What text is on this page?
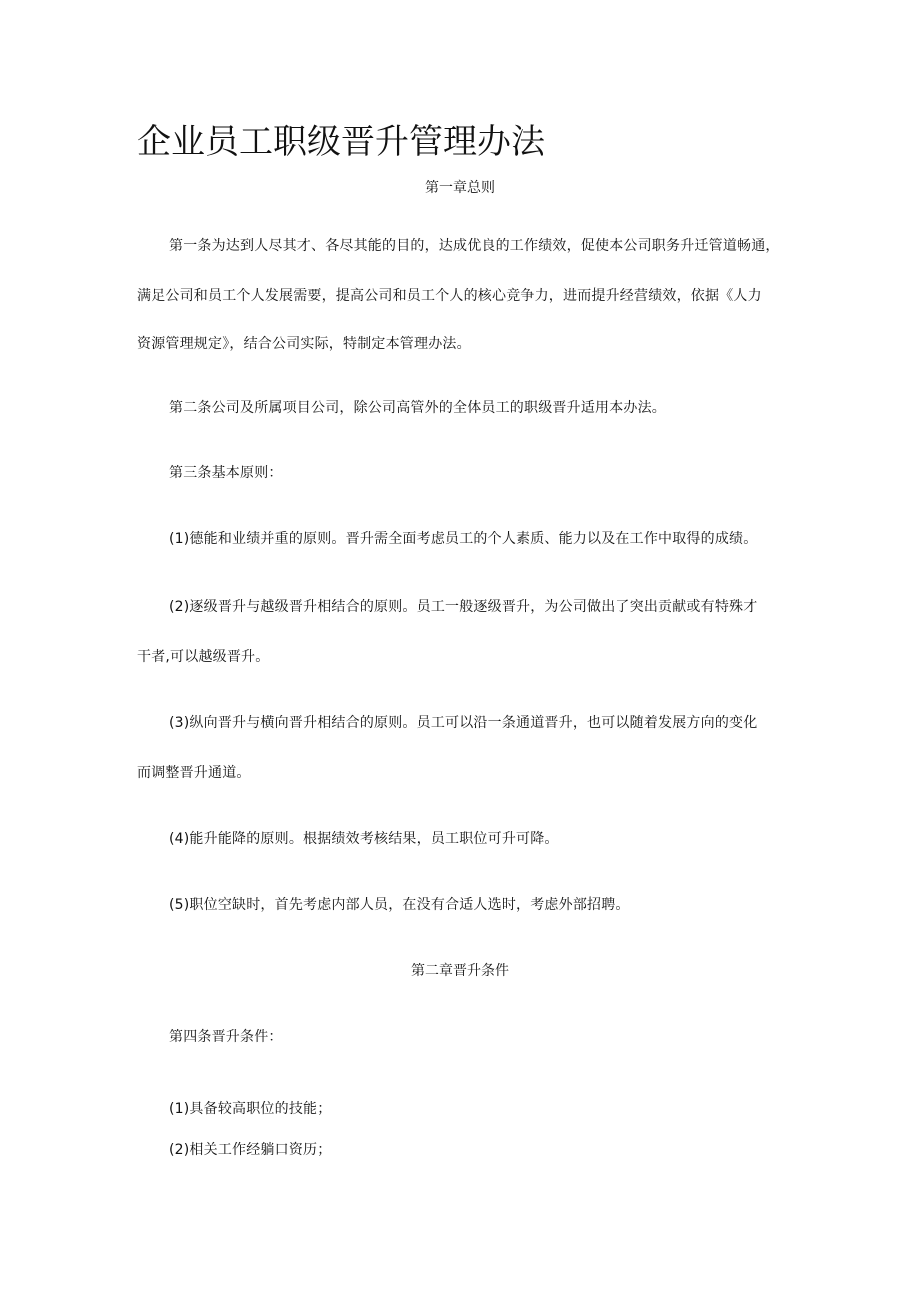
企业员工职级晋升管理办法
第一章总则
第一条为达到人尽其才、各尽其能的目的，达成优良的工作绩效，促使本公司职务升迁管道畅通，
满足公司和员工个人发展需要，提高公司和员工个人的核心竞争力，进而提升经营绩效，依据《人力
资源管理规定》，结合公司实际，特制定本管理办法。
第二条公司及所属项目公司，除公司高管外的全体员工的职级晋升适用本办法。
第三条基本原则：
(1)德能和业绩并重的原则。晋升需全面考虑员工的个人素质、能力以及在工作中取得的成绩。
(2)逐级晋升与越级晋升相结合的原则。员工一般逐级晋升，为公司做出了突出贡献或有特殊才
干者,可以越级晋升。
(3)纵向晋升与横向晋升相结合的原则。员工可以沿一条通道晋升，也可以随着发展方向的变化
而调整晋升通道。
(4)能升能降的原则。根据绩效考核结果，员工职位可升可降。
(5)职位空缺时，首先考虑内部人员，在没有合适人选时，考虑外部招聘。
第二章晋升条件
第四条晋升条件：
(1)具备较高职位的技能；
(2)相关工作经躺口资历；
